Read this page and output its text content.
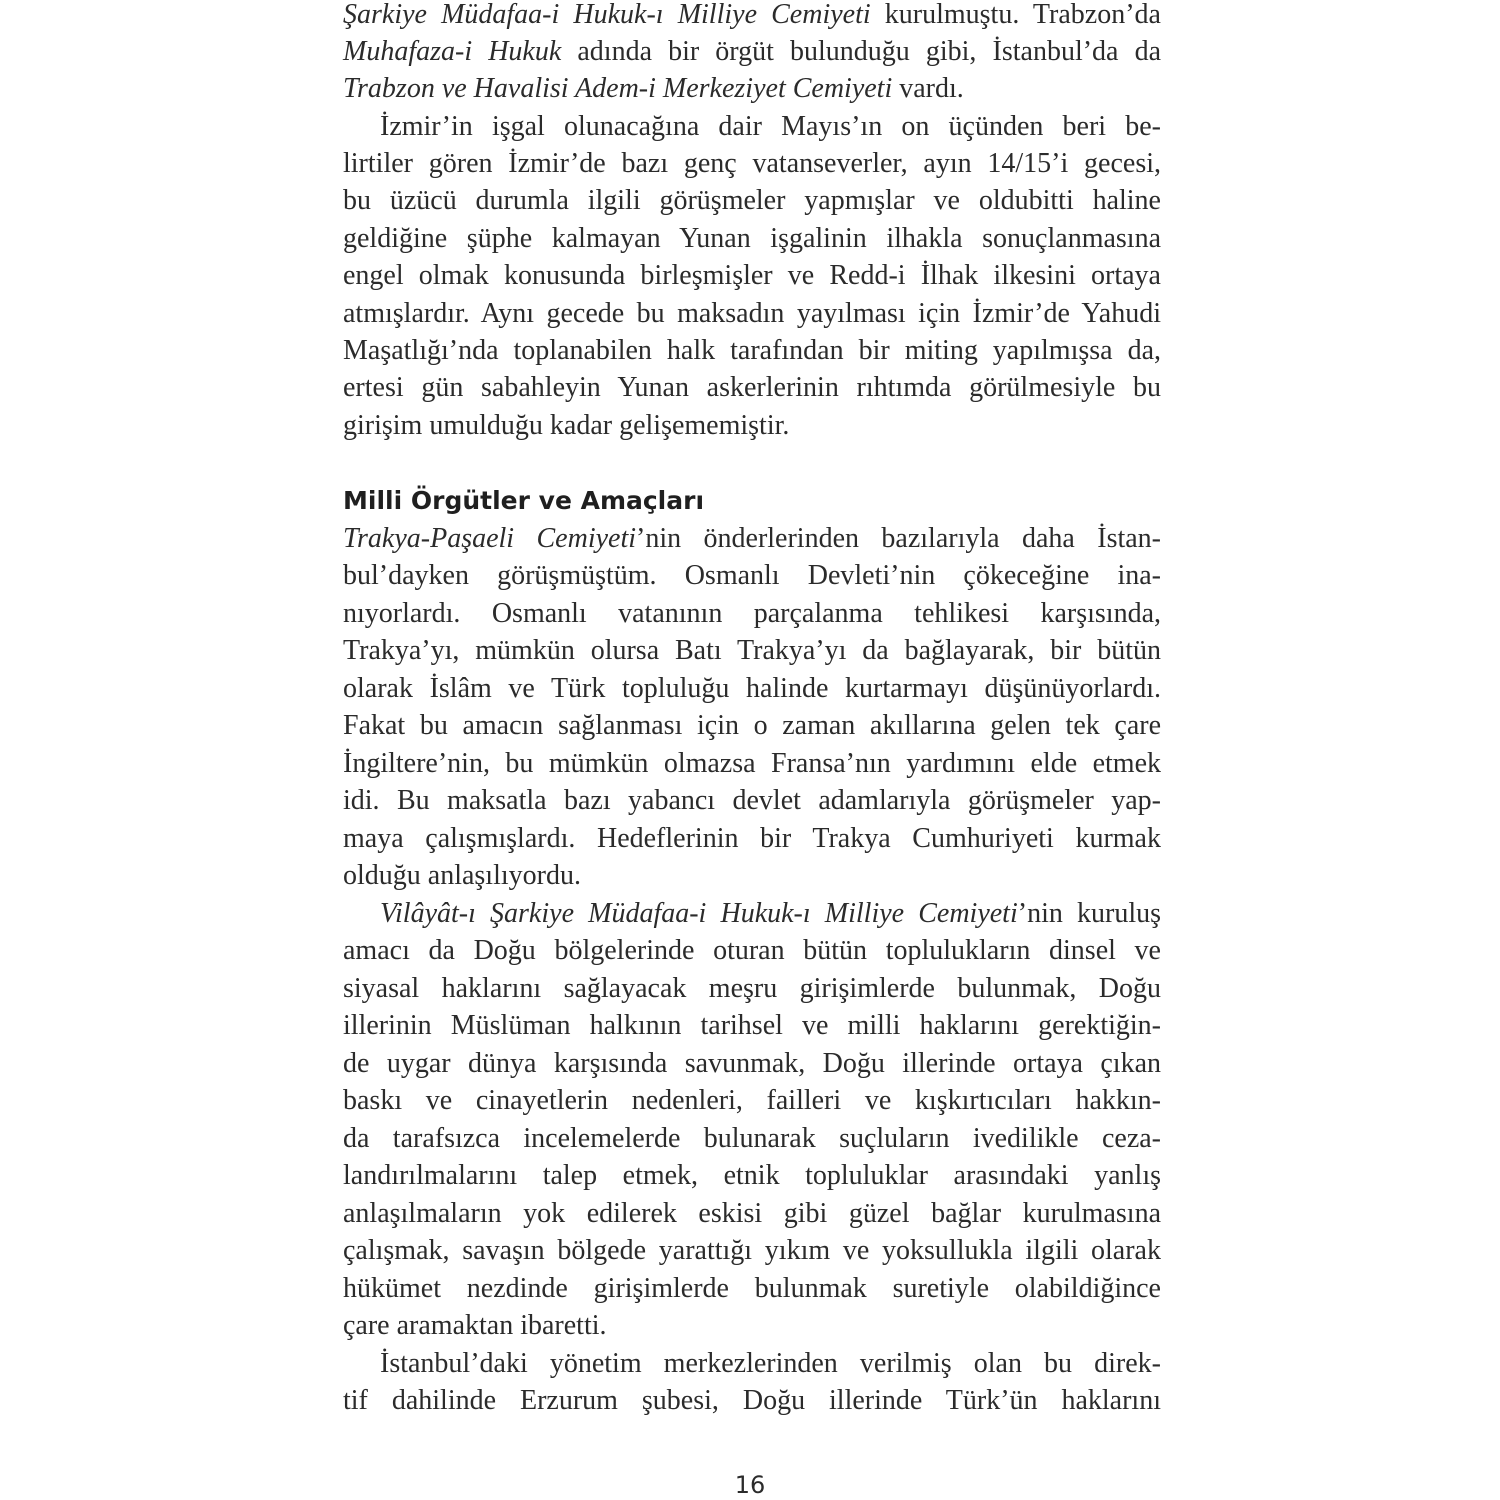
Şarkiye Müdafaa-i Hukuk-ı Milliye Cemiyeti kurulmuştu. Trabzon’da
Muhafaza-i Hukuk adında bir örgüt bulunduğu gibi, İstanbul’da da
Trabzon ve Havalisi Adem-i Merkeziyet Cemiyeti vardı.
İzmir’in işgal olunacağına dair Mayıs’ın on üçünden beri be-
lirtiler gören İzmir’de bazı genç vatanseverler, ayın 14/15’i gecesi,
bu üzücü durumla ilgili görüşmeler yapmışlar ve oldubitti haline
geldiğine şüphe kalmayan Yunan işgalinin ilhakla sonuçlanmasına
engel olmak konusunda birleşmişler ve Redd-i İlhak ilkesini ortaya
atmışlardır. Aynı gecede bu maksadın yayılması için İzmir’de Yahudi
Maşatlığı’nda toplanabilen halk tarafından bir miting yapılmışsa da,
ertesi gün sabahleyin Yunan askerlerinin rıhtımda görülmesiyle bu
girişim umulduğu kadar gelişememiştir.
Milli Örgütler ve Amaçları
Trakya-Paşaeli Cemiyeti’nin önderlerinden bazılarıyla daha İstan-
bul’dayken görüşmüştüm. Osmanlı Devleti’nin çökeceğine ina-
nıyorlardı. Osmanlı vatanının parçalanma tehlikesi karşısında,
Trakya’yı, mümkün olursa Batı Trakya’yı da bağlayarak, bir bütün
olarak İslâm ve Türk topluluğu halinde kurtarmayı düşünüyorlardı.
Fakat bu amacın sağlanması için o zaman akıllarına gelen tek çare
İngiltere’nin, bu mümkün olmazsa Fransa’nın yardımını elde etmek
idi. Bu maksatla bazı yabancı devlet adamlarıyla görüşmeler yap-
maya çalışmışlardı. Hedeflerinin bir Trakya Cumhuriyeti kurmak
olduğu anlaşılıyordu.
Vilâyât-ı Şarkiye Müdafaa-i Hukuk-ı Milliye Cemiyeti’nin kuruluş
amacı da Doğu bölgelerinde oturan bütün toplulukların dinsel ve
siyasal haklarını sağlayacak meşru girişimlerde bulunmak, Doğu
illerinin Müslüman halkının tarihsel ve milli haklarını gerektiğin-
de uygar dünya karşısında savunmak, Doğu illerinde ortaya çıkan
baskı ve cinayetlerin nedenleri, failleri ve kışkırtıcıları hakkın-
da tarafsızca incelemelerde bulunarak suçluların ivedilikle ceza-
landırılmalarını talep etmek, etnik topluluklar arasındaki yanlış
anlaşılmaların yok edilerek eskisi gibi güzel bağlar kurulmasına
çalışmak, savaşın bölgede yarattığı yıkım ve yoksullukla ilgili olarak
hükümet nezdinde girişimlerde bulunmak suretiyle olabildiğince
çare aramaktan ibaretti.
İstanbul’daki yönetim merkezlerinden verilmiş olan bu direk-
tif dahilinde Erzurum şubesi, Doğu illerinde Türk’ün haklarını
16
